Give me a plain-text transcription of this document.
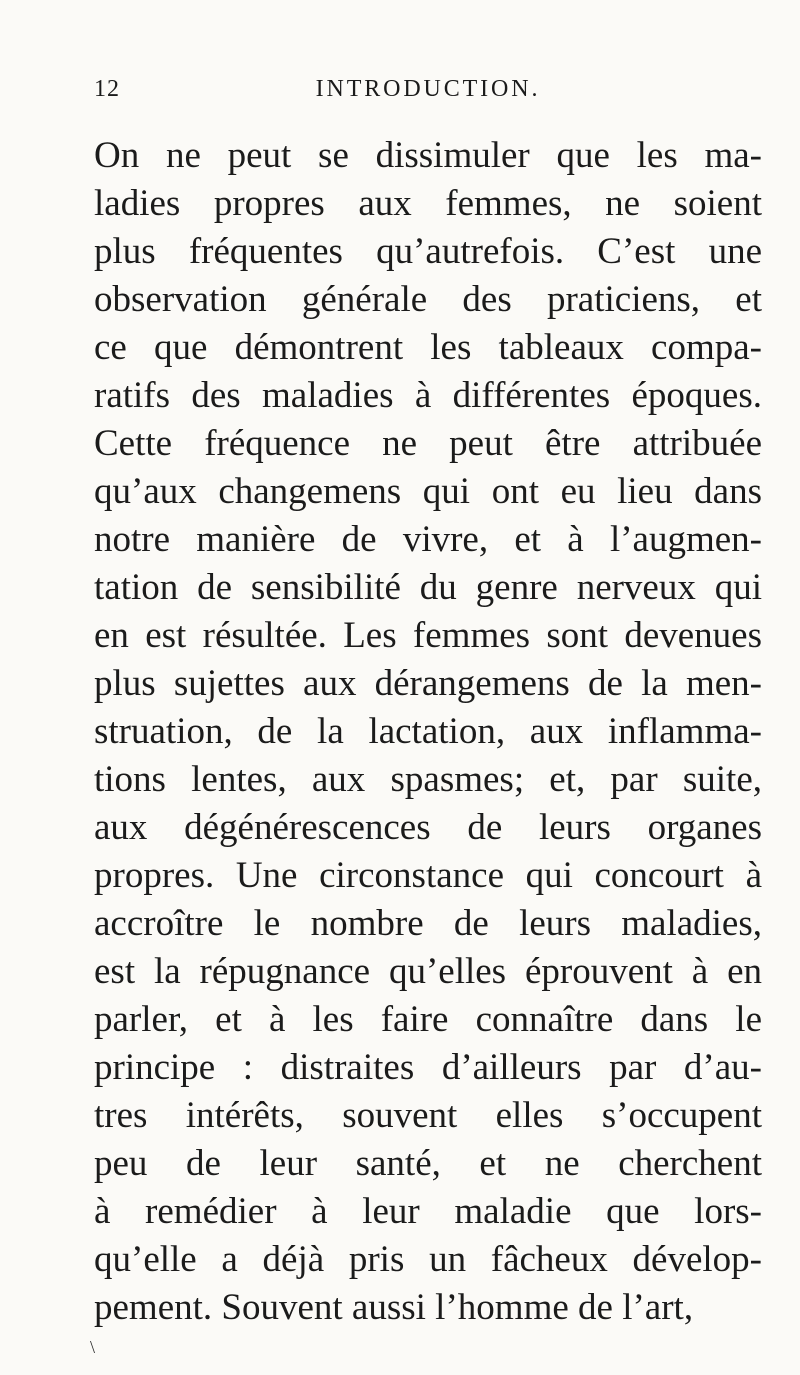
12	INTRODUCTION.
On ne peut se dissimuler que les ma-
ladies propres aux femmes, ne soient
plus fréquentes qu’autrefois. C’est une
observation générale des praticiens, et
ce que démontrent les tableaux compa-
ratifs des maladies à différentes époques.
Cette fréquence ne peut être attribuée
qu’aux changemens qui ont eu lieu dans
notre manière de vivre, et à l’augmen-
tation de sensibilité du genre nerveux qui
en est résultée. Les femmes sont devenues
plus sujettes aux dérangemens de la men-
struation, de la lactation, aux inflamma-
tions lentes, aux spasmes; et, par suite,
aux dégénérescences de leurs organes
propres. Une circonstance qui concourt à
accroître le nombre de leurs maladies,
est la répugnance qu’elles éprouvent à en
parler, et à les faire connaître dans le
principe : distraites d’ailleurs par d’au-
tres intérêts, souvent elles s’occupent
peu de leur santé, et ne cherchent
à remédier à leur maladie que lors-
qu’elle a déjà pris un fâcheux dévelop-
pement. Souvent aussi l’homme de l’art,
\
